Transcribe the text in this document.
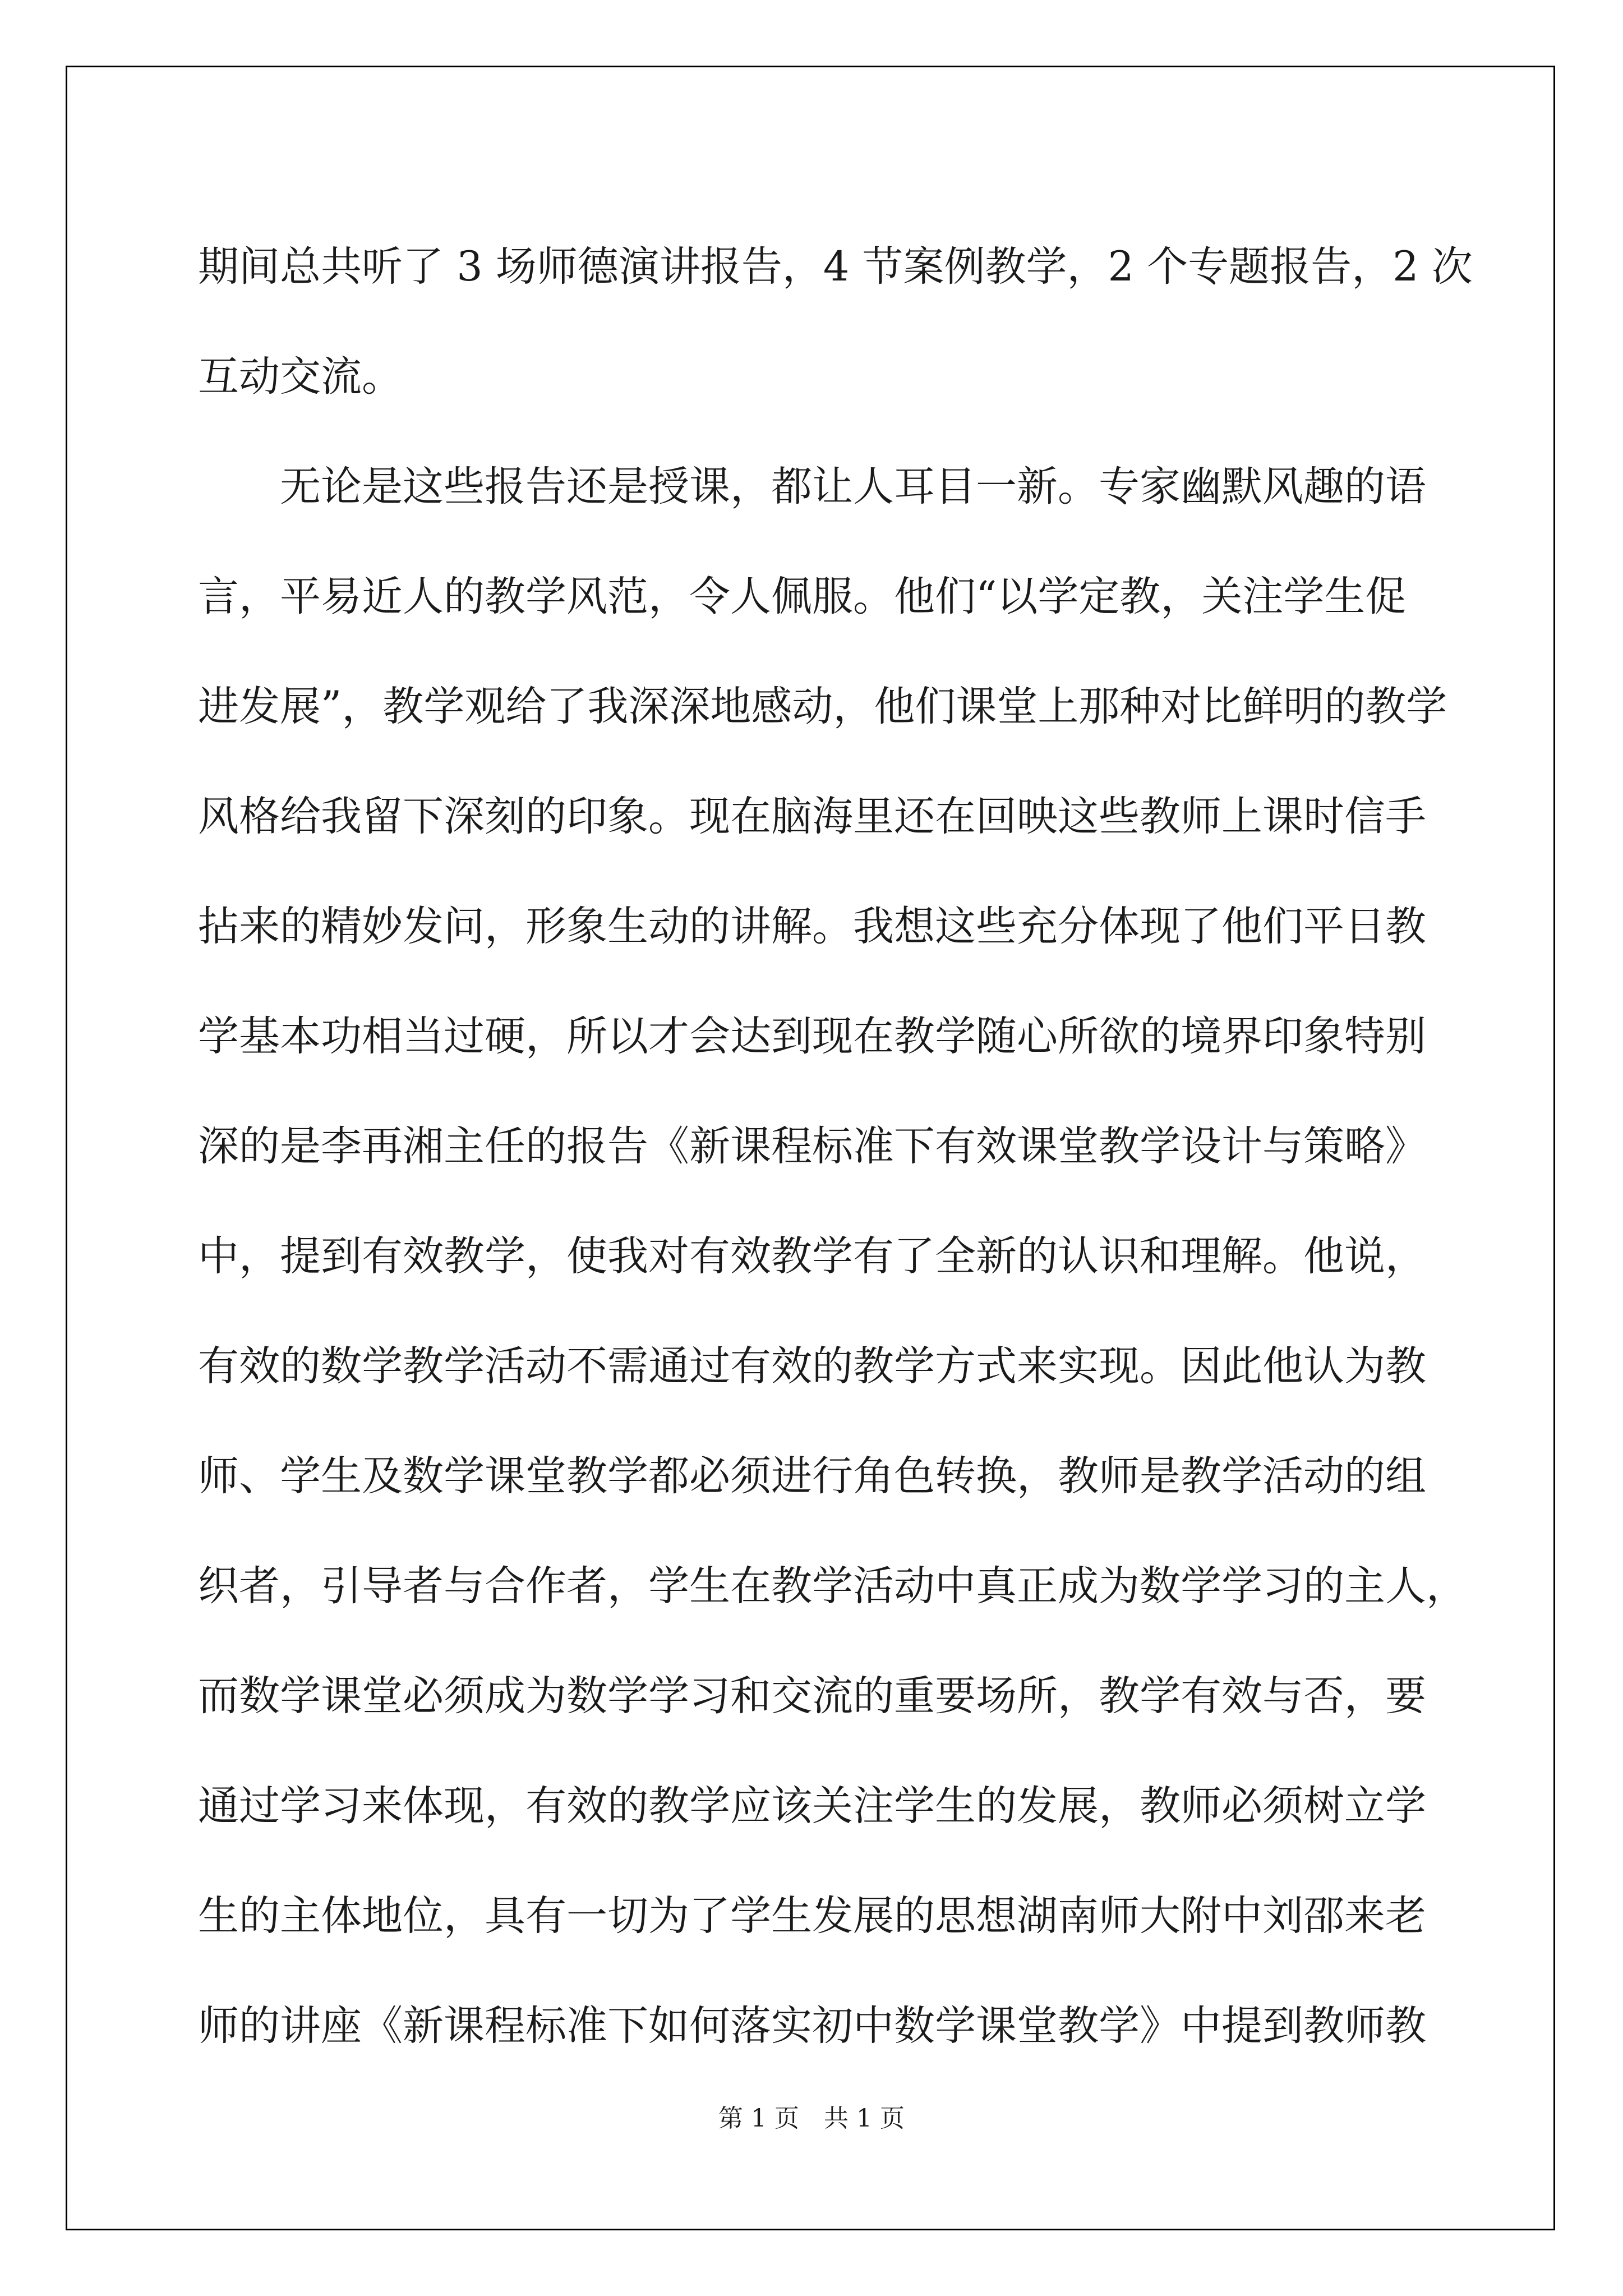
期间总共听了 3 场师德演讲报告，4 节案例教学，2 个专题报告，2 次
互动交流。
无论是这些报告还是授课，都让人耳目一新。专家幽默风趣的语
言，平易近人的教学风范，令人佩服。他们“以学定教，关注学生促
进发展”，教学观给了我深深地感动，他们课堂上那种对比鲜明的教学
风格给我留下深刻的印象。现在脑海里还在回映这些教师上课时信手
拈来的精妙发问，形象生动的讲解。我想这些充分体现了他们平日教
学基本功相当过硬，所以才会达到现在教学随心所欲的境界印象特别
深的是李再湘主任的报告《新课程标准下有效课堂教学设计与策略》
中，提到有效教学，使我对有效教学有了全新的认识和理解。他说，
有效的数学教学活动不需通过有效的教学方式来实现。因此他认为教
师、学生及数学课堂教学都必须进行角色转换，教师是教学活动的组
织者，引导者与合作者，学生在教学活动中真正成为数学学习的主人，
而数学课堂必须成为数学学习和交流的重要场所，教学有效与否，要
通过学习来体现，有效的教学应该关注学生的发展，教师必须树立学
生的主体地位，具有一切为了学生发展的思想湖南师大附中刘邵来老
师的讲座《新课程标准下如何落实初中数学课堂教学》中提到教师教
第 1 页　共 1 页
